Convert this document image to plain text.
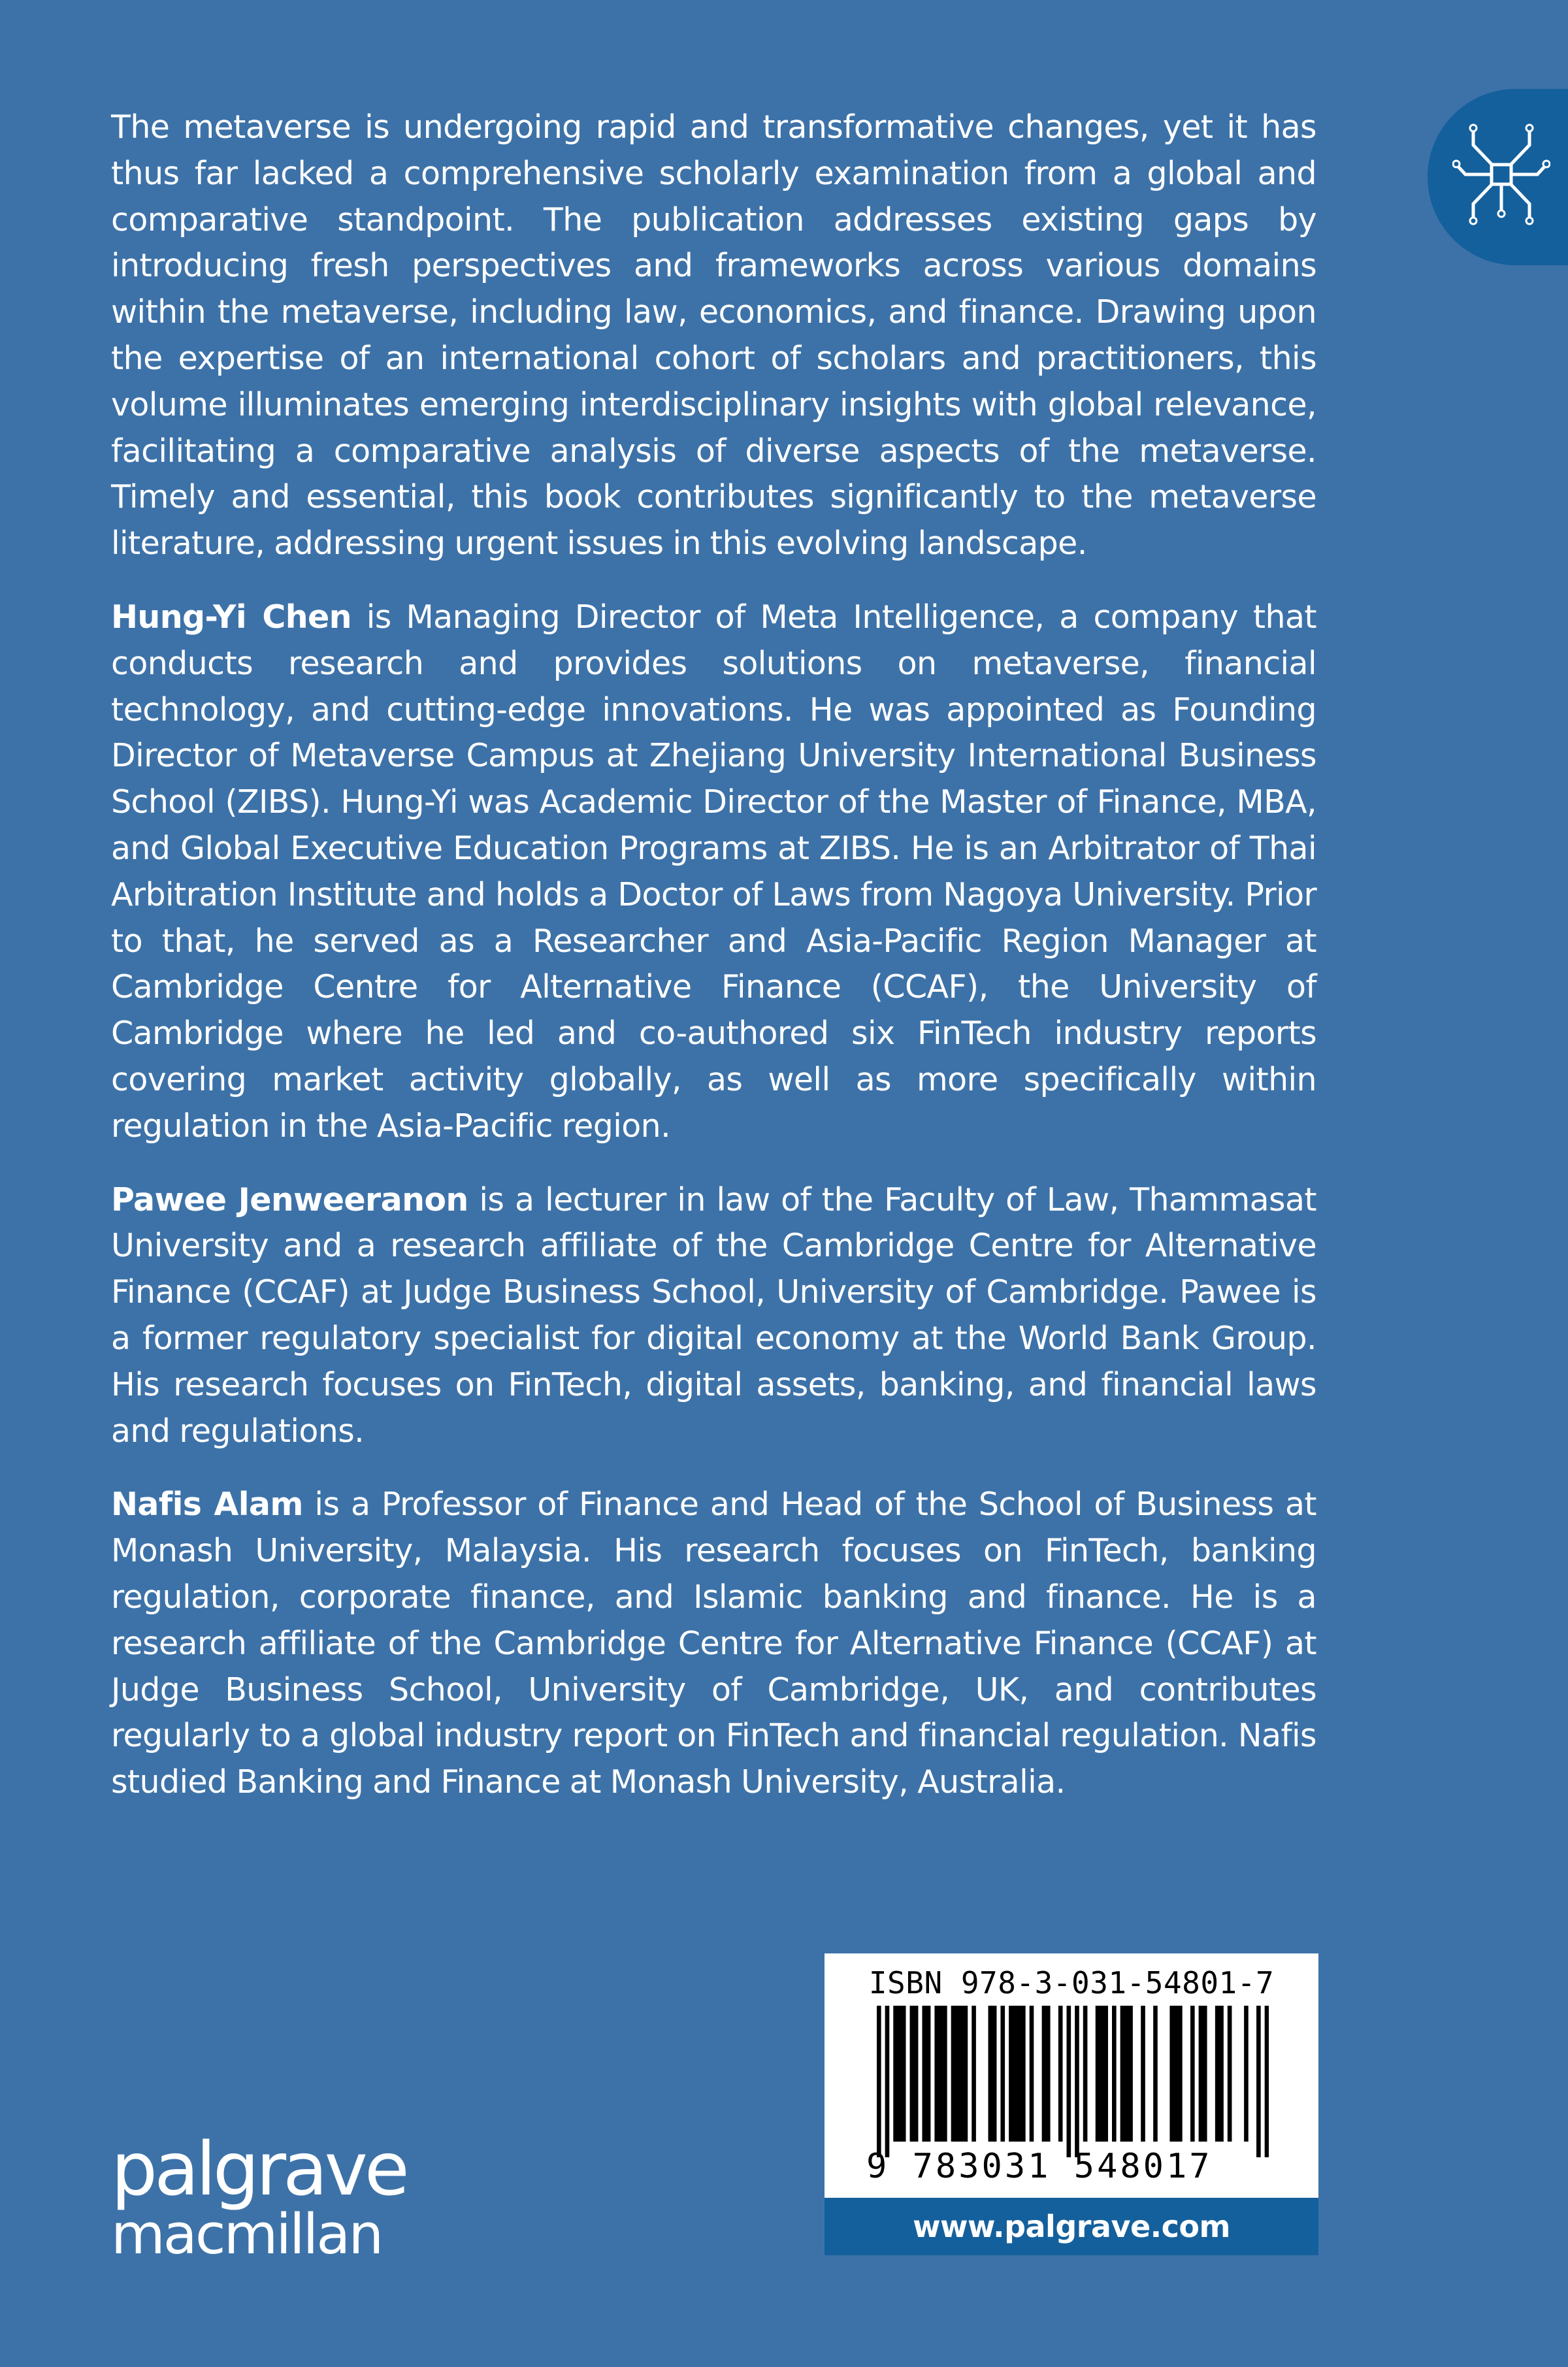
The metaverse is undergoing rapid and transformative changes, yet it has thus far lacked a comprehensive scholarly examination from a global and comparative standpoint. The publication addresses existing gaps by introducing fresh perspectives and frameworks across various domains within the metaverse, including law, economics, and finance. Drawing upon the expertise of an international cohort of scholars and practitioners, this volume illuminates emerging interdisciplinary insights with global relevance, facilitating a comparative analysis of diverse aspects of the metaverse. Timely and essential, this book contributes significantly to the metaverse literature, addressing urgent issues in this evolving landscape.

Hung-Yi Chen is Managing Director of Meta Intelligence, a company that conducts research and provides solutions on metaverse, financial technology, and cutting-edge innovations. He was appointed as Founding Director of Metaverse Campus at Zhejiang University International Business School (ZIBS). Hung-Yi was Academic Director of the Master of Finance, MBA, and Global Executive Education Programs at ZIBS. He is an Arbitrator of Thai Arbitration Institute and holds a Doctor of Laws from Nagoya University. Prior to that, he served as a Researcher and Asia-Pacific Region Manager at Cambridge Centre for Alternative Finance (CCAF), the University of Cambridge where he led and co-authored six FinTech industry reports covering market activity globally, as well as more specifically within regulation in the Asia-Pacific region.

Pawee Jenweeranon is a lecturer in law of the Faculty of Law, Thammasat University and a research affiliate of the Cambridge Centre for Alternative Finance (CCAF) at Judge Business School, University of Cambridge. Pawee is a former regulatory specialist for digital economy at the World Bank Group. His research focuses on FinTech, digital assets, banking, and financial laws and regulations.

Nafis Alam is a Professor of Finance and Head of the School of Business at Monash University, Malaysia. His research focuses on FinTech, banking regulation, corporate finance, and Islamic banking and finance. He is a research affiliate of the Cambridge Centre for Alternative Finance (CCAF) at Judge Business School, University of Cambridge, UK, and contributes regularly to a global industry report on FinTech and financial regulation. Nafis studied Banking and Finance at Monash University, Australia.

palgrave
macmillan
ISBN 978-3-031-54801-7
9 783031 548017
www.palgrave.com
